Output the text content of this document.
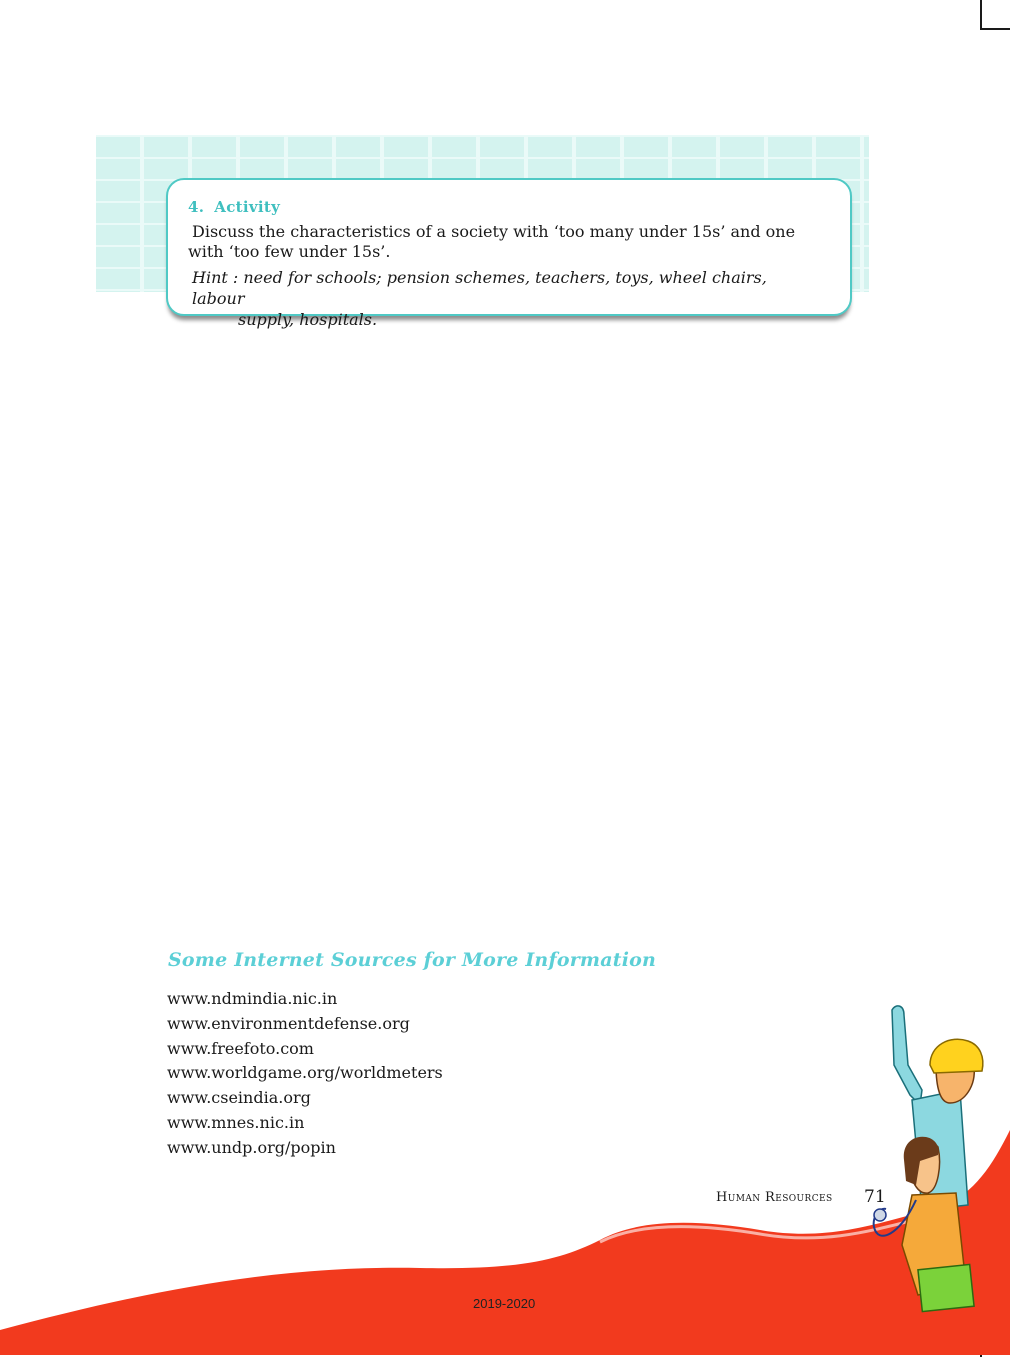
4. Activity

Discuss the characteristics of a society with ‘too many under 15s’ and one with ‘too few under 15s’.

Hint : need for schools; pension schemes, teachers, toys, wheel chairs, labour
supply, hospitals.

Some Internet Sources for More Information
www.ndmindia.nic.in
www.environmentdefense.org
www.freefoto.com
www.worldgame.org/worldmeters
www.cseindia.org
www.mnes.nic.in
www.undp.org/popin
Human Resources 71
2019-2020
